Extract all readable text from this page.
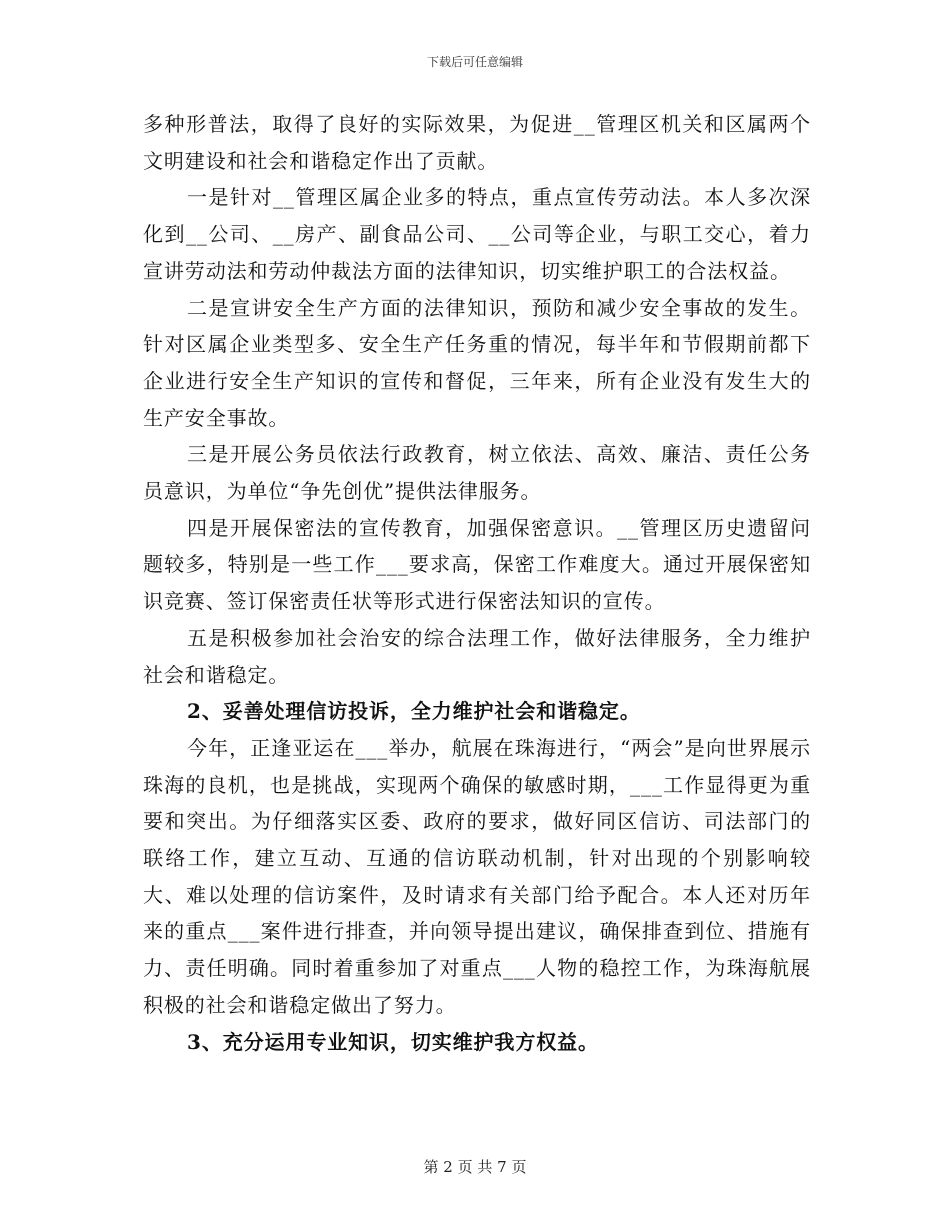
下载后可任意编辑

多种形普法，取得了良好的实际效果，为促进__管理区机关和区属两个文明建设和社会和谐稳定作出了贡献。

一是针对__管理区属企业多的特点，重点宣传劳动法。本人多次深化到__公司、__房产、副食品公司、__公司等企业，与职工交心，着力宣讲劳动法和劳动仲裁法方面的法律知识，切实维护职工的合法权益。

二是宣讲安全生产方面的法律知识，预防和减少安全事故的发生。针对区属企业类型多、安全生产任务重的情况，每半年和节假期前都下企业进行安全生产知识的宣传和督促，三年来，所有企业没有发生大的生产安全事故。

三是开展公务员依法行政教育，树立依法、高效、廉洁、责任公务员意识，为单位“争先创优”提供法律服务。

四是开展保密法的宣传教育，加强保密意识。__管理区历史遗留问题较多，特别是一些工作___要求高，保密工作难度大。通过开展保密知识竞赛、签订保密责任状等形式进行保密法知识的宣传。

五是积极参加社会治安的综合法理工作，做好法律服务，全力维护社会和谐稳定。

2、妥善处理信访投诉，全力维护社会和谐稳定。

今年，正逢亚运在___举办，航展在珠海进行，“两会”是向世界展示珠海的良机，也是挑战，实现两个确保的敏感时期，___工作显得更为重要和突出。为仔细落实区委、政府的要求，做好同区信访、司法部门的联络工作，建立互动、互通的信访联动机制，针对出现的个别影响较大、难以处理的信访案件，及时请求有关部门给予配合。本人还对历年来的重点___案件进行排查，并向领导提出建议，确保排查到位、措施有力、责任明确。同时着重参加了对重点___人物的稳控工作，为珠海航展积极的社会和谐稳定做出了努力。

3、充分运用专业知识，切实维护我方权益。

第 2 页 共 7 页
